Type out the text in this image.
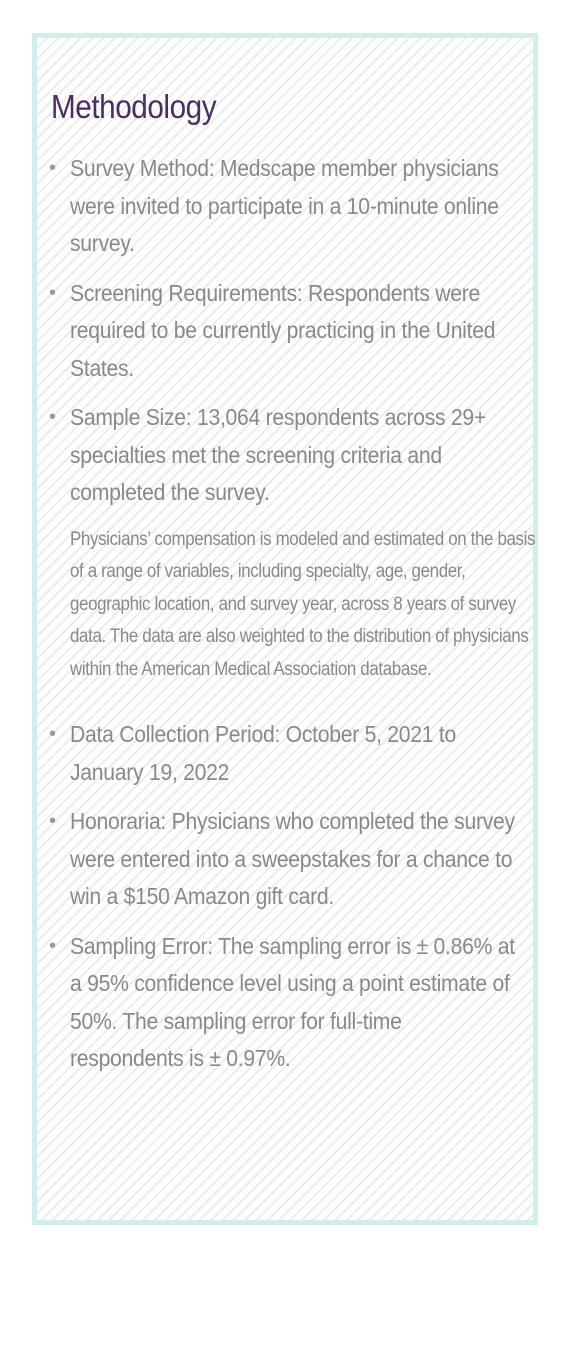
Methodology
• Survey Method: Medscape member physicians were invited to participate in a 10-minute online survey.
• Screening Requirements: Respondents were required to be currently practicing in the United States.
• Sample Size: 13,064 respondents across 29+ specialties met the screening criteria and completed the survey.

Physicians’ compensation is modeled and estimated on the basis of a range of variables, including specialty, age, gender, geographic location, and survey year, across 8 years of survey data. The data are also weighted to the distribution of physicians within the American Medical Association database.

• Data Collection Period: October 5, 2021 to January 19, 2022
• Honoraria: Physicians who completed the survey were entered into a sweepstakes for a chance to win a $150 Amazon gift card.
• Sampling Error: The sampling error is ± 0.86% at a 95% confidence level using a point estimate of 50%. The sampling error for full-time respondents is ± 0.97%.
